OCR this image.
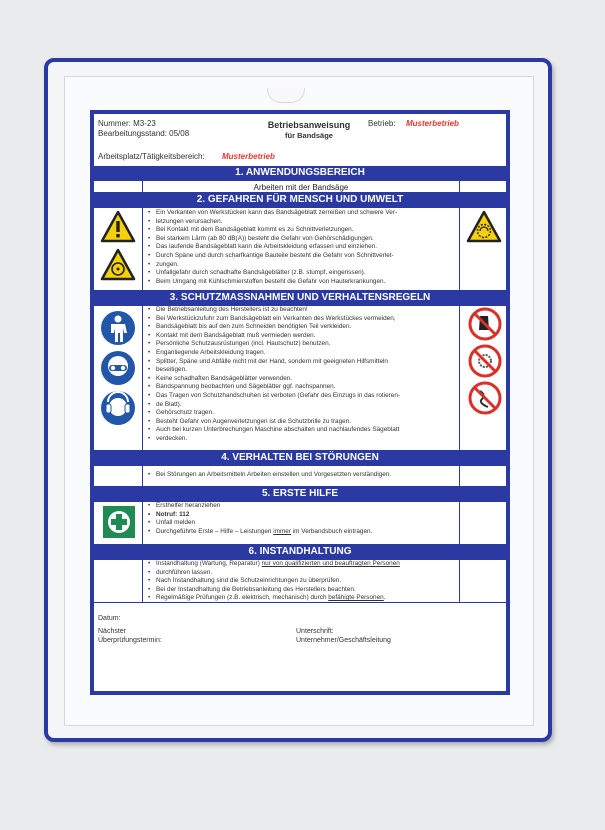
Nummer: M3-23
Bearbeitungsstand: 05/08
Betriebsanweisung
für Bandsäge
Betrieb: Musterbetrieb
Arbeitsplatz/Tätigkeitsbereich: Musterbetrieb
1. ANWENDUNGSBEREICH
Arbeiten mit der Bandsäge
2. GEFAHREN FÜR MENSCH UND UMWELT
• Ein Verkanten von Werkstücken kann das Bandsägeblatt zerreißen und schwere Ver-
• letzungen verursachen.
• Bei Kontakt mit dem Bandsägeblatt kommt es zu Schnittverletzungen.
• Bei starkem Lärm (ab 80 dB(A)) besteht die Gefahr von Gehörschädigungen.
• Das laufende Bandsägeblatt kann die Arbeitskleidung erfassen und einziehen.
• Durch Späne und durch scharfkantige Bauteile besteht die Gefahr von Schnittverlet-
• zungen.
• Unfallgefahr durch schadhafte Bandsägeblätter (z.B. stumpf, eingerissen).
• Beim Umgang mit Kühlschmierstoffen besteht die Gefahr von Hauterkrankungen.
3. SCHUTZMASSNAHMEN UND VERHALTENSREGELN
• Die Betriebsanleitung des Herstellers ist zu beachten!
• Bei Werkstückzufuhr zum Bandsägeblatt ein Verkanten des Werkstückes vermeiden,
• Bandsägeblatt bis auf den zum Schneiden benötigten Teil verkleiden.
• Kontakt mit dem Bandsägeblatt muß vermieden werden.
• Persönliche Schutzausrüstungen (incl. Hautschutz) benutzen.
• Enganliegende Arbeitskleidung tragen.
• Splitter, Späne und Abfälle nicht mit der Hand, sondern mit geeigneten Hilfsmitteln
• beseitigen.
• Keine schadhaften Bandsägeblätter verwenden.
• Bandspannung beobachten und Sägeblätter ggf. nachspannen.
• Das Tragen von Schutzhandschuhen ist verboten (Gefahr des Einzugs in das rotieren-
• de Blatt).
• Gehörschutz tragen.
• Besteht Gefahr von Augenverletzungen ist die Schutzbrille zu tragen.
• Auch bei kurzen Unterbrechungen Maschine abschalten und nachlaufendes Sägeblatt
• verdecken.
4. VERHALTEN BEI STÖRUNGEN
• Bei Störungen an Arbeitsmitteln Arbeiten einstellen und Vorgesetzten verständigen.
5. ERSTE HILFE
• Ersthelfer heranziehen
• Notruf: 112
• Unfall melden
• Durchgeführte Erste – Hilfe – Leistungen immer im Verbandsbuch eintragen.
6. INSTANDHALTUNG
• Instandhaltung (Wartung, Reparatur) nur von qualifizierten und beauftragten Personen
• durchführen lassen.
• Nach Instandhaltung sind die Schutzeinrichtungen zu überprüfen.
• Bei der Instandhaltung die Betriebsanleitung des Herstellers beachten.
• Regelmäßige Prüfungen (z.B. elektrisch, mechanisch) durch befähigte Personen.
Datum:
Nächster
Überprüfungstermin:
Unterschrift:
Unternehmer/Geschäftsleitung
